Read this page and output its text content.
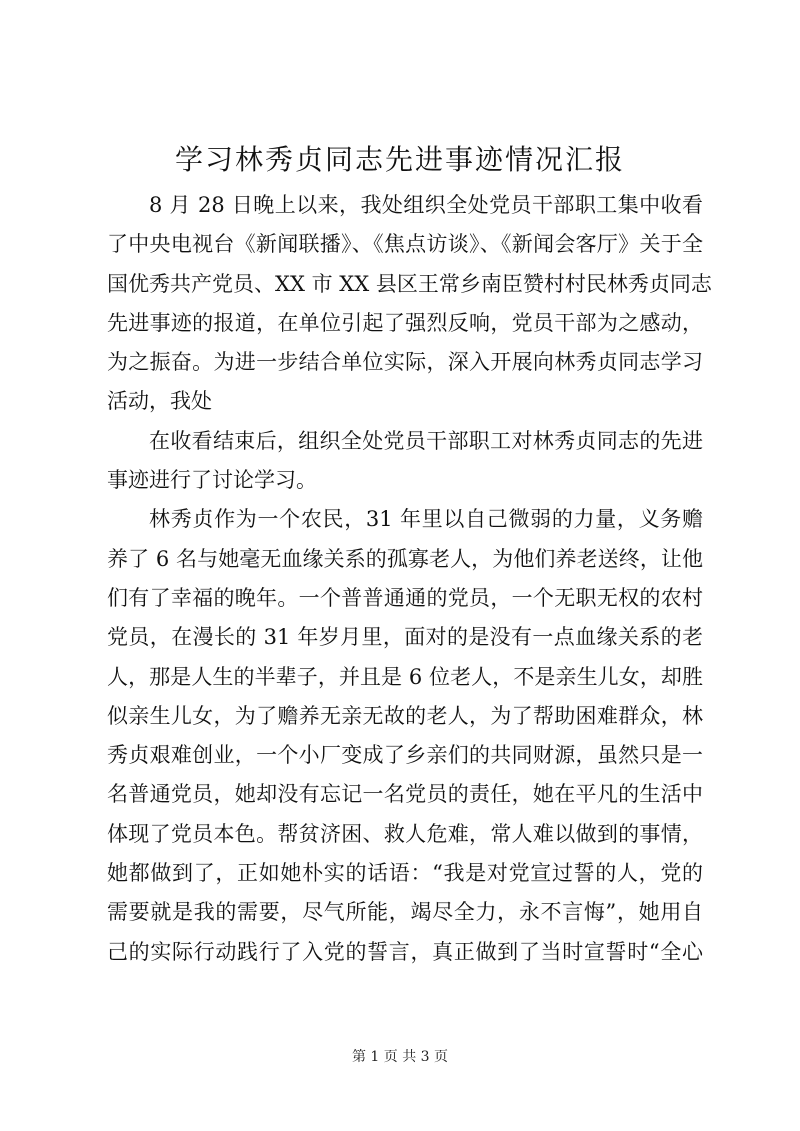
学习林秀贞同志先进事迹情况汇报
8 月 28 日晚上以来，我处组织全处党员干部职工集中收看
了中央电视台《新闻联播》、《焦点访谈》、《新闻会客厅》关于全
国优秀共产党员、XX 市 XX 县区王常乡南臣赞村村民林秀贞同志
先进事迹的报道，在单位引起了强烈反响，党员干部为之感动，
为之振奋。为进一步结合单位实际，深入开展向林秀贞同志学习
活动，我处
在收看结束后，组织全处党员干部职工对林秀贞同志的先进
事迹进行了讨论学习。
林秀贞作为一个农民，31 年里以自己微弱的力量，义务赡
养了 6 名与她毫无血缘关系的孤寡老人，为他们养老送终，让他
们有了幸福的晚年。一个普普通通的党员，一个无职无权的农村
党员，在漫长的 31 年岁月里，面对的是没有一点血缘关系的老
人，那是人生的半辈子，并且是 6 位老人，不是亲生儿女，却胜
似亲生儿女，为了赡养无亲无故的老人，为了帮助困难群众，林
秀贞艰难创业，一个小厂变成了乡亲们的共同财源，虽然只是一
名普通党员，她却没有忘记一名党员的责任，她在平凡的生活中
体现了党员本色。帮贫济困、救人危难，常人难以做到的事情，
她都做到了，正如她朴实的话语：“我是对党宣过誓的人，党的
需要就是我的需要，尽气所能，竭尽全力，永不言悔”，她用自
己的实际行动践行了入党的誓言，真正做到了当时宣誓时“全心
第 1 页 共 3 页
